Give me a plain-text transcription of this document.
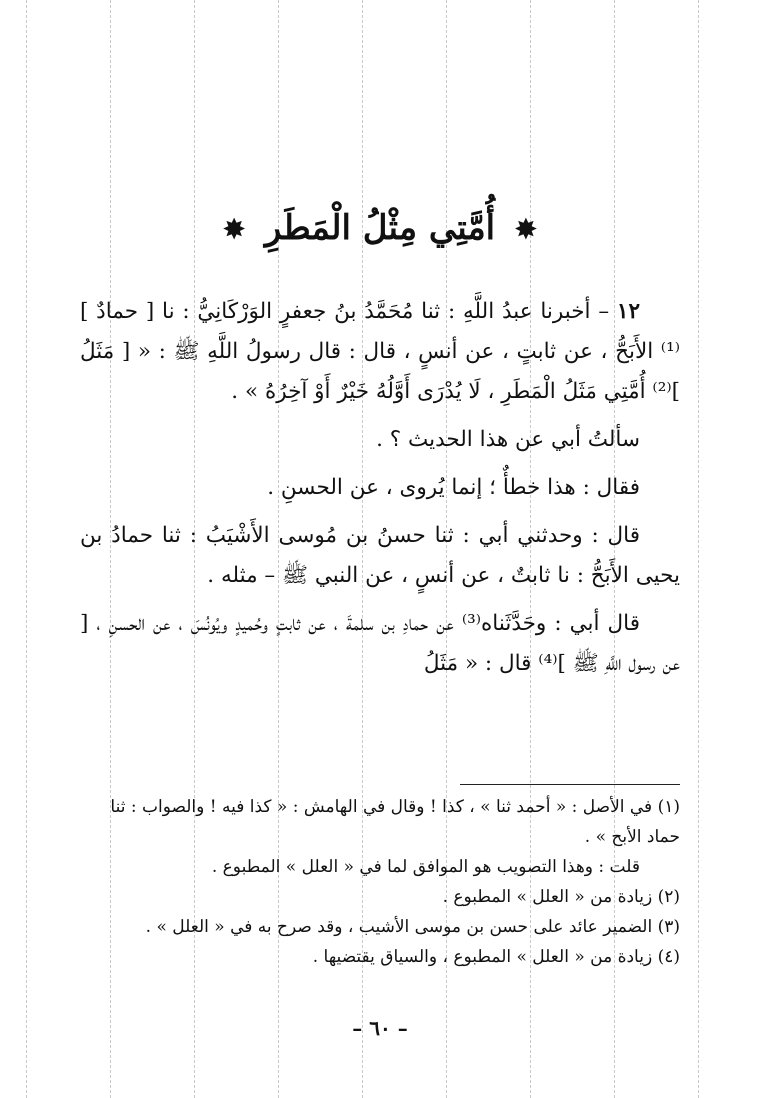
✸ أُمَّتِي مِثْلُ الْمَطَرِ ✸

١٢ – أخبرنا عبدُ اللَّهِ : ثنا مُحَمَّدُ بنُ جعفرٍ الوَرْكَانِيُّ : نا [ حمادٌ ]⁽¹⁾ الأَبَحُّ ، عن ثابتٍ ، عن أنسٍ ، قال : قال رسولُ اللَّهِ ﷺ : « [ مَثَلُ ]⁽²⁾ أُمَّتِي مَثَلُ الْمَطَرِ ، لَا يُدْرَى أَوَّلُهُ خَيْرٌ أَوْ آخِرُهُ » .

سألتُ أبي عن هذا الحديث ؟ .

فقال : هذا خطأٌ ؛ إنما يُروى ، عن الحسنِ .

قال : وحدثني أبي : ثنا حسنُ بن مُوسى الأَشْيَبُ : ثنا حمادُ بن يحيى الأَبَحُّ : نا ثابتٌ ، عن أنسٍ ، عن النبي ﷺ – مثله .

قال أبي : وحَدَّثَناه⁽³⁾ عن حمادِ بن سلمةَ ، عن ثابتٍ وحُميدٍ ويُونُسَ ، عن الحسنِ ، [ عن رسول اللَّهِ ﷺ ]⁽⁴⁾ قال : « مَثَلُ

(١) في الأصل : « أحمد ثنا » ، كذا ! وقال في الهامش : « كذا فيه ! والصواب : ثنا حماد الأبح » .

قلت : وهذا التصويب هو الموافق لما في « العلل » المطبوع .

(٢) زيادة من « العلل » المطبوع .

(٣) الضمير عائد على حسن بن موسى الأشيب ، وقد صرح به في « العلل » .

(٤) زيادة من « العلل » المطبوع ، والسياق يقتضيها .

– ٦٠ –
